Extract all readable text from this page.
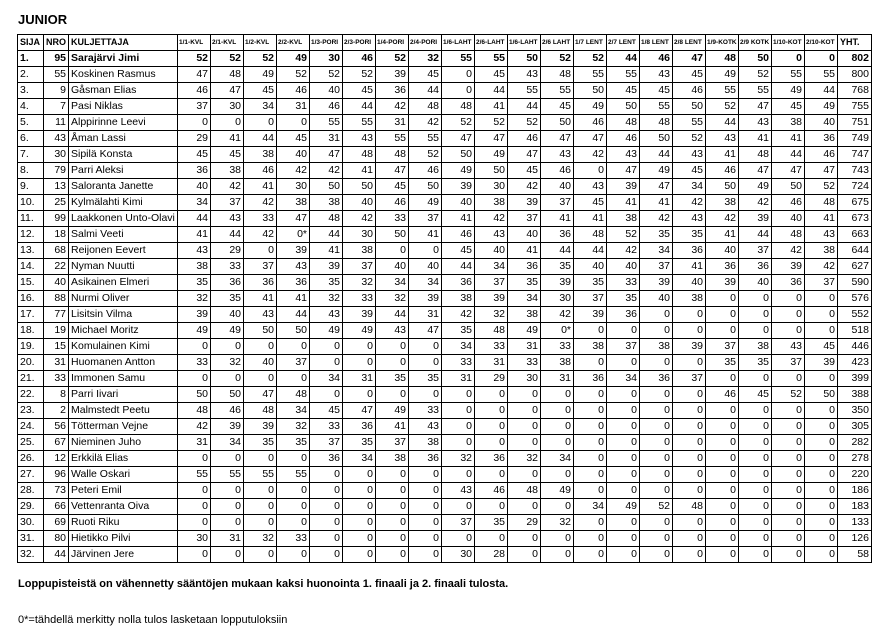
JUNIOR
SIJA	NRO	KULJETTAJA	1/1-KVL	2/1-KVL	1/2-KVL	2/2-KVL	1/3-PORI	2/3-PORI	1/4-PORI	2/4-PORI	1/6-LAHT	2/6-LAHT	1/6-LAHT	2/6 LAHT	1/7 LENT	2/7 LENT	1/8 LENT	2/8 LENT	1/9-KOTK	2/9 KOTK	1/10-KOT	2/10-KOT	YHT.
1.	95	Sarajärvi Jimi	52	52	52	49	30	46	52	32	55	55	50	52	52	44	46	47	48	50	0	0	802
2.	55	Koskinen Rasmus	47	48	49	52	52	52	39	45	0	45	43	48	55	55	43	45	49	52	55	55	800
3.	9	Gåsman Elias	46	47	45	46	40	45	36	44	0	44	55	55	50	45	45	46	55	55	49	44	768
4.	7	Pasi Niklas	37	30	34	31	46	44	42	48	48	41	44	45	49	50	55	50	52	47	45	49	755
5.	11	Alppirinne Leevi	0	0	0	0	55	55	31	42	52	52	52	50	46	48	48	55	44	43	38	40	751
6.	43	Åman Lassi	29	41	44	45	31	43	55	55	47	47	46	47	47	46	50	52	43	41	41	36	749
7.	30	Sipilä Konsta	45	45	38	40	47	48	48	52	50	49	47	43	42	43	44	43	41	48	44	46	747
8.	79	Parri Aleksi	36	38	46	42	42	41	47	46	49	50	45	46	0	47	49	45	46	47	47	47	743
9.	13	Saloranta Janette	40	42	41	30	50	50	45	50	39	30	42	40	43	39	47	34	50	49	50	52	724
10.	25	Kylmälahti Kimi	34	37	42	38	38	40	46	49	40	38	39	37	45	41	41	42	38	42	46	48	675
11.	99	Laakkonen Unto-Olavi	44	43	33	47	48	42	33	37	41	42	37	41	41	38	42	43	42	39	40	41	673
12.	18	Salmi Veeti	41	44	42	0*	44	30	50	41	46	43	40	36	48	52	35	35	41	44	48	43	663
13.	68	Reijonen Eevert	43	29	0	39	41	38	0	0	45	40	41	44	44	42	34	36	40	37	42	38	644
14.	22	Nyman Nuutti	38	33	37	43	39	37	40	40	44	34	36	35	40	40	37	41	36	36	39	42	627
15.	40	Asikainen Elmeri	35	36	36	36	35	32	34	34	36	37	35	39	35	33	39	40	39	40	36	37	590
16.	88	Nurmi Oliver	32	35	41	41	32	33	32	39	38	39	34	30	37	35	40	38	0	0	0	0	576
17.	77	Lisitsin Vilma	39	40	43	44	43	39	44	31	42	32	38	42	39	36	0	0	0	0	0	0	552
18.	19	Michael Moritz	49	49	50	50	49	49	43	47	35	48	49	0*	0	0	0	0	0	0	0	0	518
19.	15	Komulainen Kimi	0	0	0	0	0	0	0	0	34	33	31	33	38	37	38	39	37	38	43	45	446
20.	31	Huomanen Antton	33	32	40	37	0	0	0	0	33	31	33	38	0	0	0	0	35	35	37	39	423
21.	33	Immonen Samu	0	0	0	0	34	31	35	35	31	29	30	31	36	34	36	37	0	0	0	0	399
22.	8	Parri Iivari	50	50	47	48	0	0	0	0	0	0	0	0	0	0	0	0	46	45	52	50	388
23.	2	Malmstedt Peetu	48	46	48	34	45	47	49	33	0	0	0	0	0	0	0	0	0	0	0	0	350
24.	56	Tötterman Vejne	42	39	39	32	33	36	41	43	0	0	0	0	0	0	0	0	0	0	0	0	305
25.	67	Nieminen Juho	31	34	35	35	37	35	37	38	0	0	0	0	0	0	0	0	0	0	0	0	282
26.	12	Erkkilä Elias	0	0	0	0	36	34	38	36	32	36	32	34	0	0	0	0	0	0	0	0	278
27.	96	Walle Oskari	55	55	55	55	0	0	0	0	0	0	0	0	0	0	0	0	0	0	0	0	220
28.	73	Peteri Emil	0	0	0	0	0	0	0	0	43	46	48	49	0	0	0	0	0	0	0	0	186
29.	66	Vettenranta Oiva	0	0	0	0	0	0	0	0	0	0	0	0	34	49	52	48	0	0	0	0	183
30.	69	Ruoti Riku	0	0	0	0	0	0	0	0	37	35	29	32	0	0	0	0	0	0	0	0	133
31.	80	Hietikko Pilvi	30	31	32	33	0	0	0	0	0	0	0	0	0	0	0	0	0	0	0	0	126
32.	44	Järvinen Jere	0	0	0	0	0	0	0	0	30	28	0	0	0	0	0	0	0	0	0	0	58
Loppupisteistä on vähennetty sääntöjen mukaan kaksi huonointa 1. finaali ja 2. finaali tulosta.
0*=tähdellä merkitty nolla tulos lasketaan lopputuloksiin
